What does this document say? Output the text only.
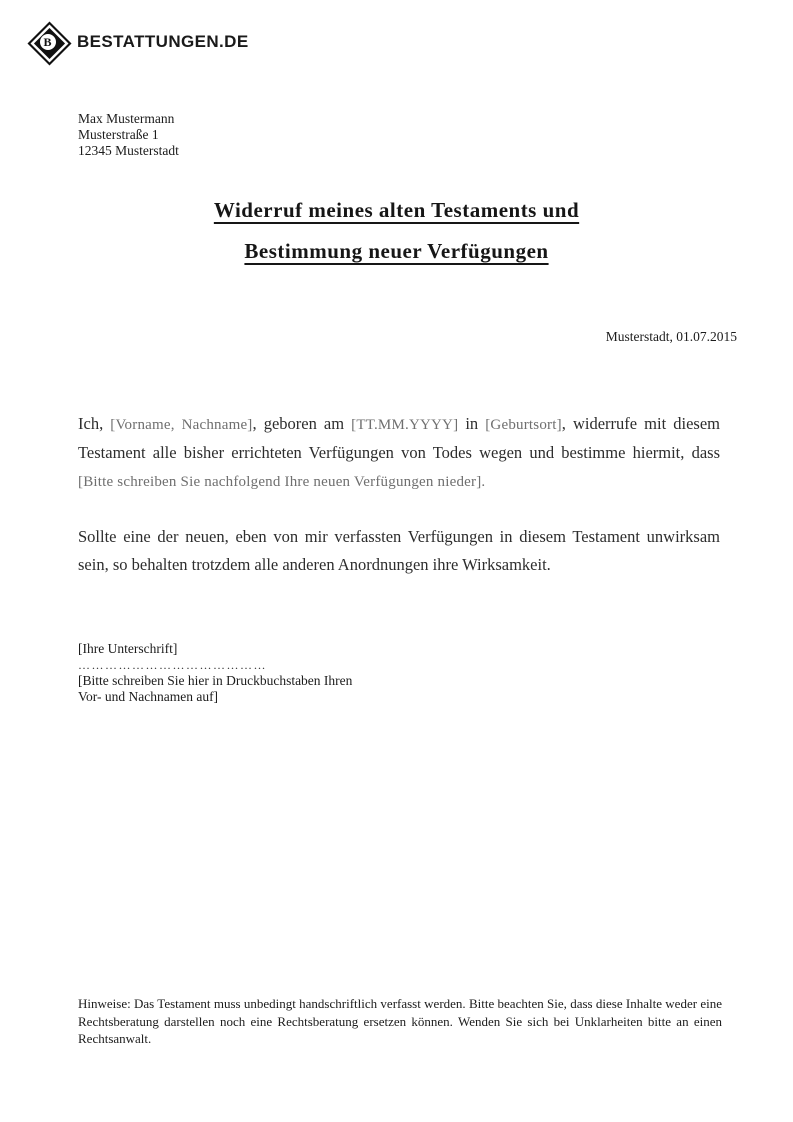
B BESTATTUNGEN.DE
Max Mustermann
Musterstraße 1
12345 Musterstadt
Widerruf meines alten Testaments und
Bestimmung neuer Verfügungen
Musterstadt, 01.07.2015

Ich, [Vorname, Nachname], geboren am [TT.MM.YYYY] in [Geburtsort], widerrufe mit diesem Testament alle bisher errichteten Verfügungen von Todes wegen und bestimme hiermit, dass [Bitte schreiben Sie nachfolgend Ihre neuen Verfügungen nieder].

Sollte eine der neuen, eben von mir verfassten Verfügungen in diesem Testament unwirksam sein, so behalten trotzdem alle anderen Anordnungen ihre Wirksamkeit.

[Ihre Unterschrift]
……………………………………
[Bitte schreiben Sie hier in Druckbuchstaben Ihren
Vor- und Nachnamen auf]
Hinweise: Das Testament muss unbedingt handschriftlich verfasst werden. Bitte beachten Sie, dass diese Inhalte weder eine Rechtsberatung darstellen noch eine Rechtsberatung ersetzen können. Wenden Sie sich bei Unklarheiten bitte an einen Rechtsanwalt.
